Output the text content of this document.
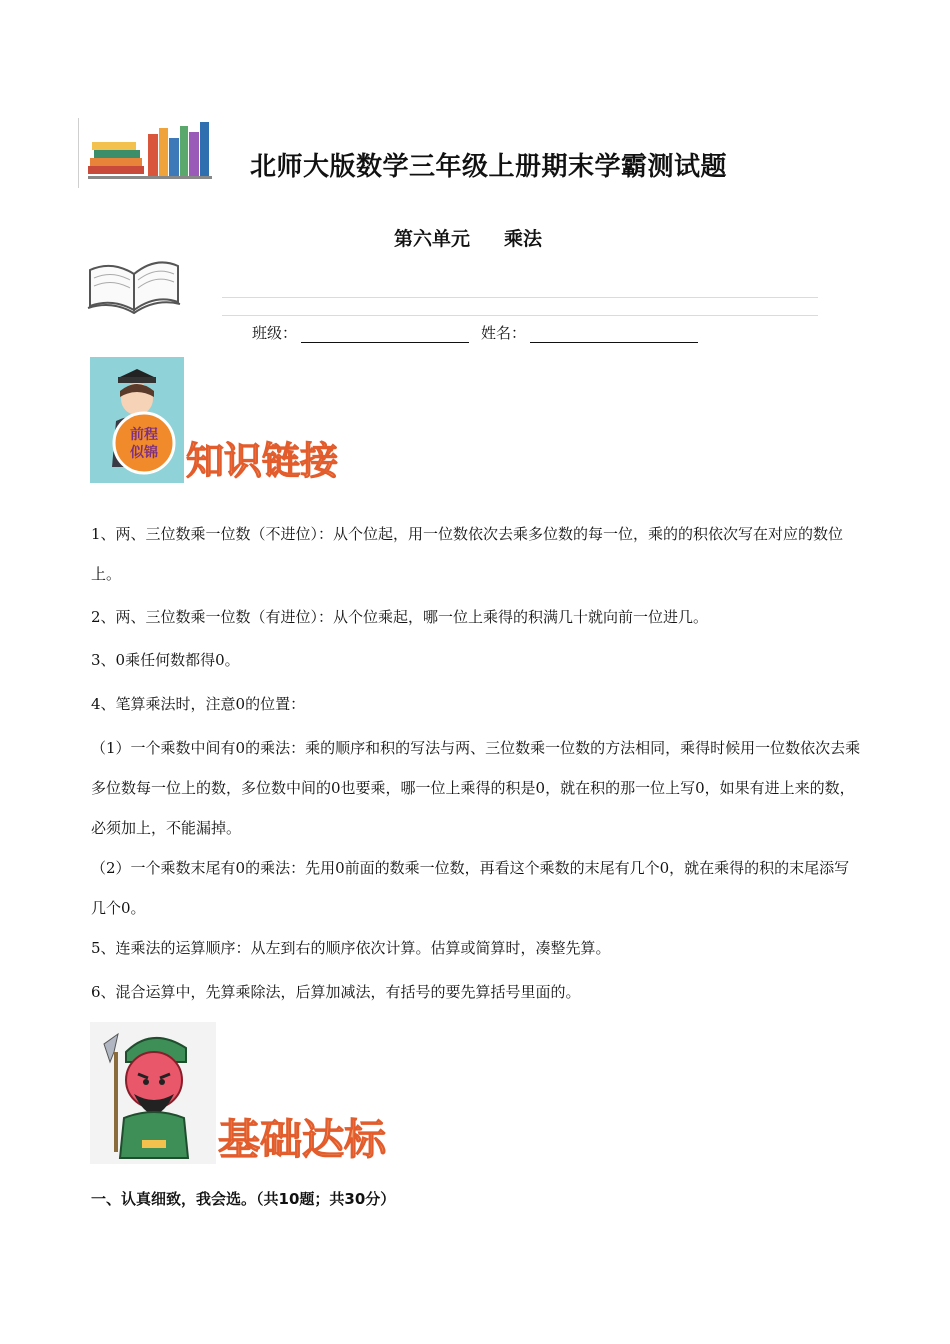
北师大版数学三年级上册期末学霸测试题
第六单元 乘法
班级：	姓名：
前程
似锦 知识链接

1、两、三位数乘一位数（不进位）：从个位起，用一位数依次去乘多位数的每一位，乘的的积依次写在对应的数位上。

2、两、三位数乘一位数（有进位）：从个位乘起，哪一位上乘得的积满几十就向前一位进几。

3、0乘任何数都得0。

4、笔算乘法时，注意0的位置：

（1）一个乘数中间有0的乘法：乘的顺序和积的写法与两、三位数乘一位数的方法相同，乘得时候用一位数依次去乘多位数每一位上的数，多位数中间的0也要乘，哪一位上乘得的积是0，就在积的那一位上写0，如果有进上来的数，必须加上，不能漏掉。

（2）一个乘数末尾有0的乘法：先用0前面的数乘一位数，再看这个乘数的末尾有几个0，就在乘得的积的末尾添写几个0。

5、连乘法的运算顺序：从左到右的顺序依次计算。估算或简算时，凑整先算。

6、混合运算中，先算乘除法，后算加减法，有括号的要先算括号里面的。

基础达标
一、认真细致，我会选。（共10题；共30分）
